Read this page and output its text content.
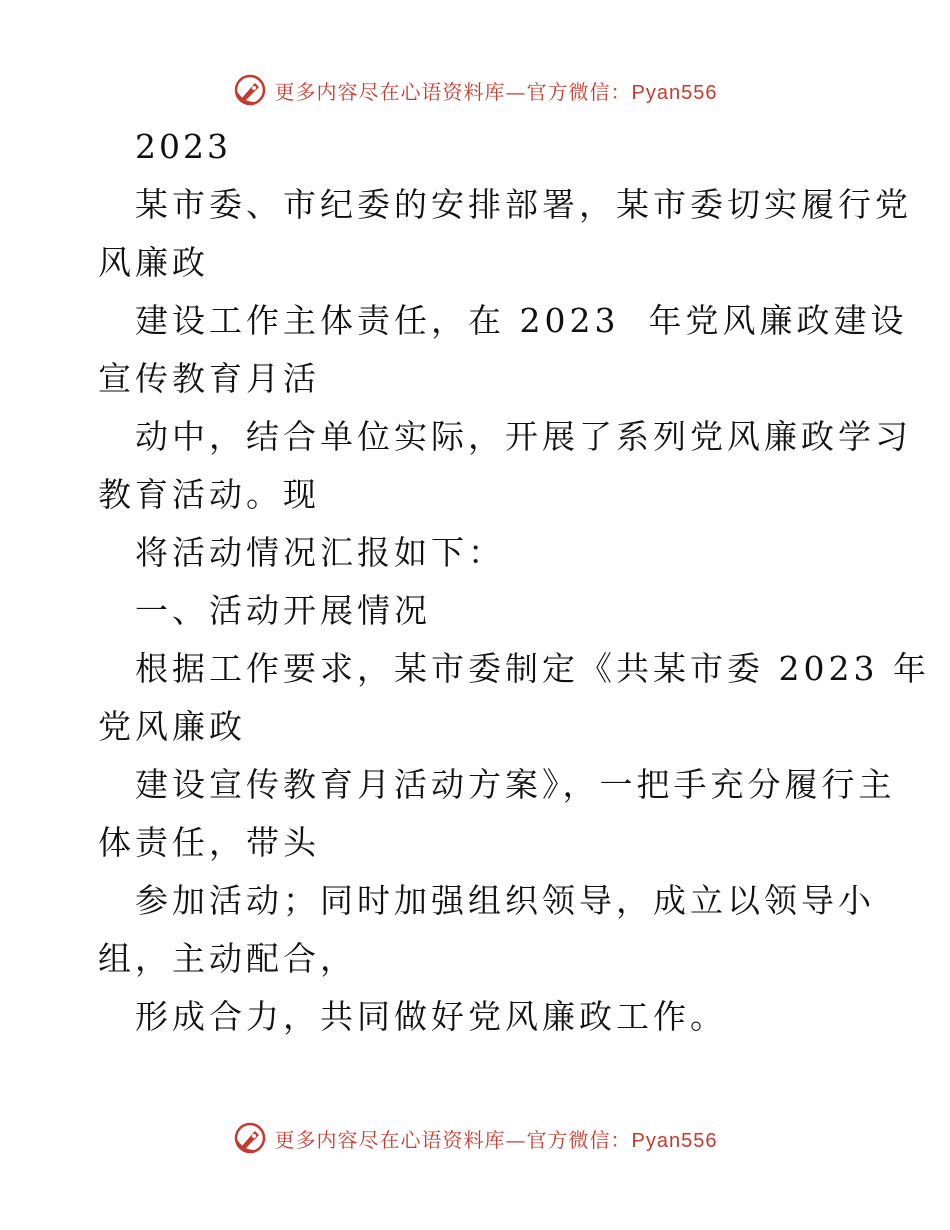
更多内容尽在心语资料库—官方微信：Pyan556
2023
某市委、市纪委的安排部署，某市委切实履行党
风廉政
建设工作主体责任，在 2023  年党风廉政建设
宣传教育月活
动中，结合单位实际，开展了系列党风廉政学习
教育活动。现
将活动情况汇报如下：
一、活动开展情况
根据工作要求，某市委制定《共某市委 2023 年
党风廉政
建设宣传教育月活动方案》，一把手充分履行主
体责任，带头
参加活动；同时加强组织领导，成立以领导小
组，主动配合，
形成合力，共同做好党风廉政工作。
更多内容尽在心语资料库—官方微信：Pyan556
